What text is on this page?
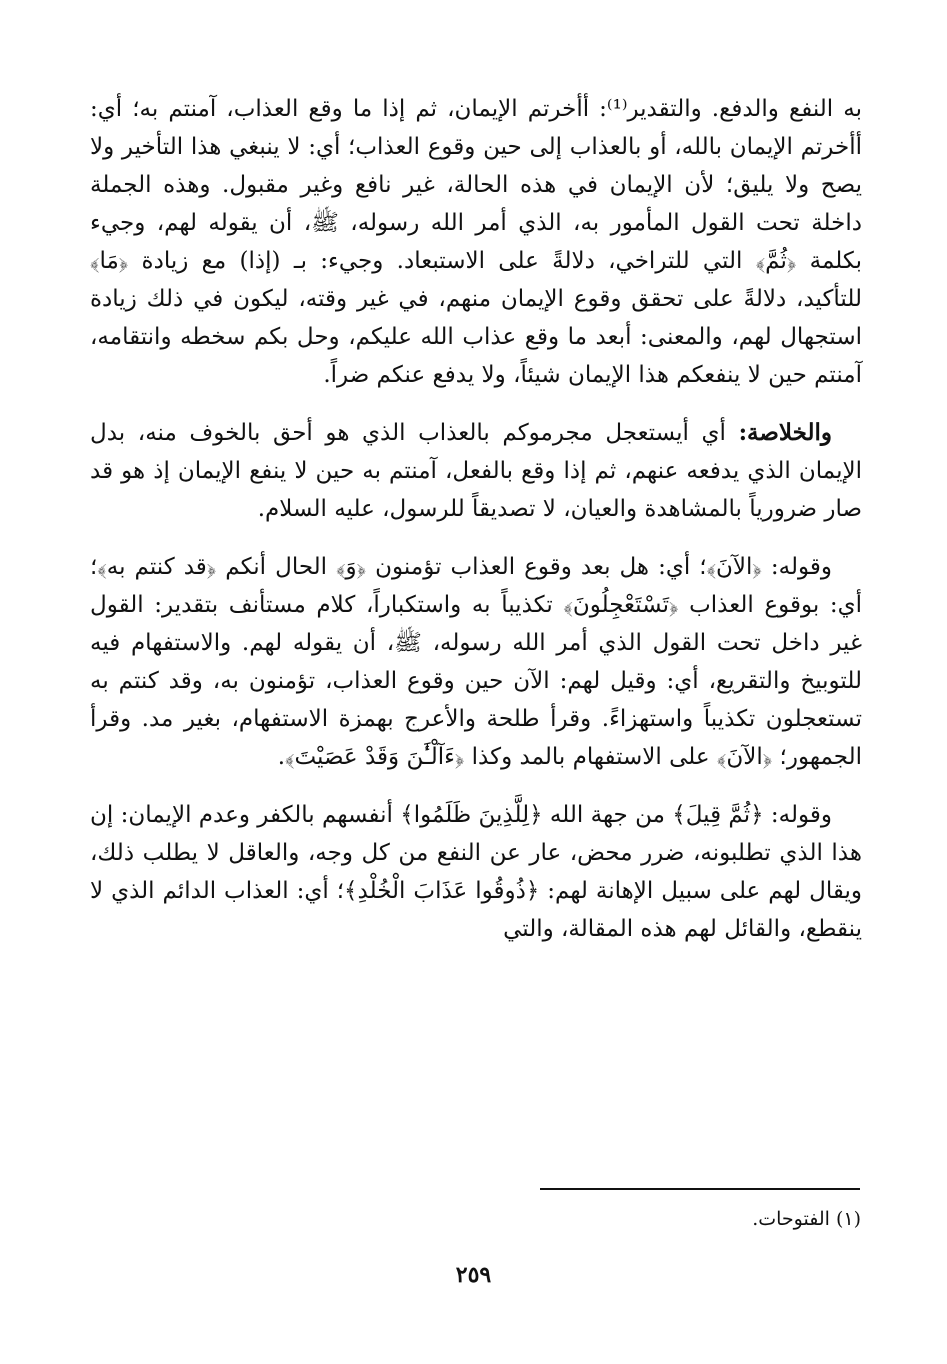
به النفع والدفع. والتقدير⁽¹⁾: أأخرتم الإيمان، ثم إذا ما وقع العذاب، آمنتم به؛ أي: أأخرتم الإيمان بالله، أو بالعذاب إلى حين وقوع العذاب؛ أي: لا ينبغي هذا التأخير ولا يصح ولا يليق؛ لأن الإيمان في هذه الحالة، غير نافع وغير مقبول. وهذه الجملة داخلة تحت القول المأمور به، الذي أمر الله رسوله، ﷺ، أن يقوله لهم، وجيء بكلمة ﴿ثُمَّ﴾ التي للتراخي، دلالةً على الاستبعاد. وجيء: بـ (إذا) مع زيادة ﴿مَا﴾ للتأكيد، دلالةً على تحقق وقوع الإيمان منهم، في غير وقته، ليكون في ذلك زيادة استجهال لهم، والمعنى: أبعد ما وقع عذاب الله عليكم، وحل بكم سخطه وانتقامه، آمنتم حين لا ينفعكم هذا الإيمان شيئاً، ولا يدفع عنكم ضراً.

والخلاصة: أي أيستعجل مجرموكم بالعذاب الذي هو أحق بالخوف منه، بدل الإيمان الذي يدفعه عنهم، ثم إذا وقع بالفعل، آمنتم به حين لا ينفع الإيمان إذ هو قد صار ضرورياً بالمشاهدة والعيان، لا تصديقاً للرسول، عليه السلام.

وقوله: ﴿الآنَ﴾؛ أي: هل بعد وقوع العذاب تؤمنون ﴿وَ﴾ الحال أنكم ﴿قد كنتم به﴾؛ أي: بوقوع العذاب ﴿تَسْتَعْجِلُونَ﴾ تكذيباً به واستكباراً، كلام مستأنف بتقدير: القول غير داخل تحت القول الذي أمر الله رسوله، ﷺ، أن يقوله لهم. والاستفهام فيه للتوبيخ والتقريع، أي: وقيل لهم: الآن حين وقوع العذاب، تؤمنون به، وقد كنتم به تستعجلون تكذيباً واستهزاءً. وقرأ طلحة والأعرج بهمزة الاستفهام، بغير مد. وقرأ الجمهور؛ ﴿الآنَ﴾ على الاستفهام بالمد وكذا ﴿ءَآلْـَٰٔنَ وَقَدْ عَصَيْتَ﴾.

وقوله: ﴿ثُمَّ قِيلَ﴾ من جهة الله ﴿لِلَّذِينَ ظَلَمُوا﴾ أنفسهم بالكفر وعدم الإيمان: إن هذا الذي تطلبونه، ضرر محض، عار عن النفع من كل وجه، والعاقل لا يطلب ذلك، ويقال لهم على سبيل الإهانة لهم: ﴿ذُوقُوا عَذَابَ الْخُلْدِ﴾؛ أي: العذاب الدائم الذي لا ينقطع، والقائل لهم هذه المقالة، والتي

(١) الفتوحات.
٢٥٩
